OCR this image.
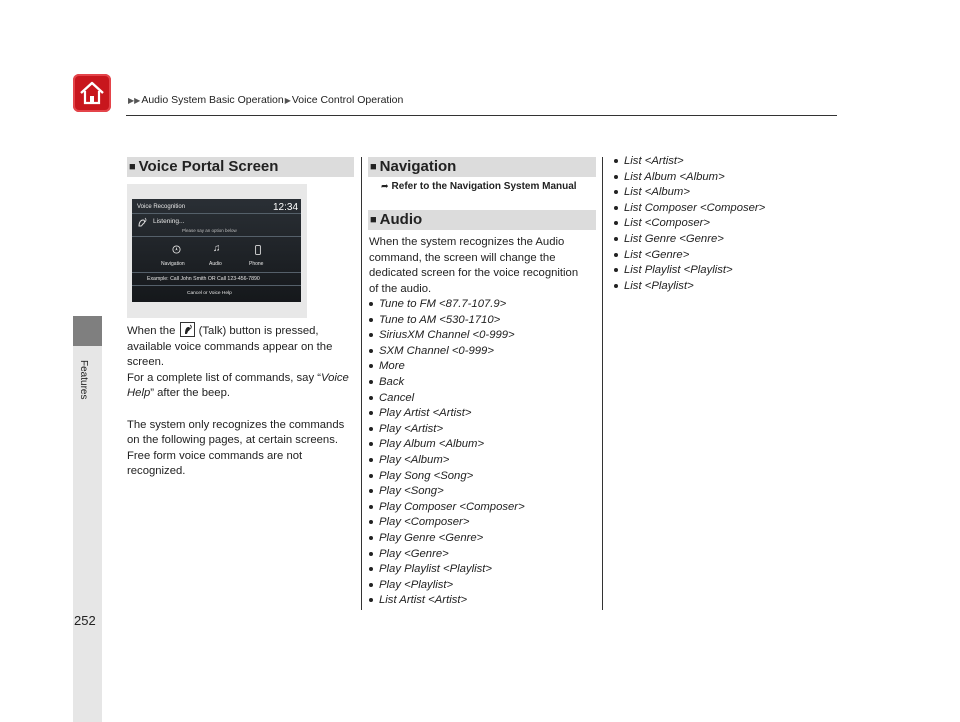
▶▶ Audio System Basic Operation ▶ Voice Control Operation
Features
252
■ Voice Portal Screen
Voice Recognition	12:34
Listening...
Please say an option below
Navigation
♫
Audio	Phone
Example: Call John Smith OR Call 123-456-7890
Cancel or Voice Help

When the (Talk) button is pressed,

available voice commands appear on the

screen.

For a complete list of commands, say “Voice

Help” after the beep.

The system only recognizes the commands

on the following pages, at certain screens.

Free form voice commands are not

recognized.

■ Navigation
➦ Refer to the Navigation System Manual
■ Audio

When the system recognizes the Audio

command, the screen will change the

dedicated screen for the voice recognition

of the audio.

Tune to FM <87.7-107.9>
Tune to AM <530-1710>
SiriusXM Channel <0-999>
SXM Channel <0-999>
More
Back
Cancel
Play Artist <Artist>
Play <Artist>
Play Album <Album>
Play <Album>
Play Song <Song>
Play <Song>
Play Composer <Composer>
Play <Composer>
Play Genre <Genre>
Play <Genre>
Play Playlist <Playlist>
Play <Playlist>
List Artist <Artist>
List <Artist>
List Album <Album>
List <Album>
List Composer <Composer>
List <Composer>
List Genre <Genre>
List <Genre>
List Playlist <Playlist>
List <Playlist>
